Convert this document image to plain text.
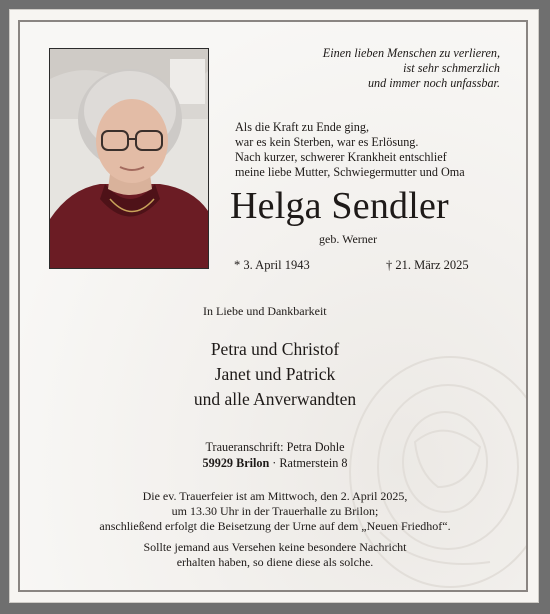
Einen lieben Menschen zu verlieren,
ist sehr schmerzlich
und immer noch unfassbar.
Als die Kraft zu Ende ging,
war es kein Sterben, war es Erlösung.
Nach kurzer, schwerer Krankheit entschlief
meine liebe Mutter, Schwiegermutter und Oma
Helga Sendler
geb. Werner
* 3. April 1943	† 21. März 2025
In Liebe und Dankbarkeit
Petra und Christof
Janet und Patrick
und alle Anverwandten
Traueranschrift: Petra Dohle
59929 Brilon · Ratmerstein 8
Die ev. Trauerfeier ist am Mittwoch, den 2. April 2025,
um 13.30 Uhr in der Trauerhalle zu Brilon;
anschließend erfolgt die Beisetzung der Urne auf dem „Neuen Friedhof“.
Sollte jemand aus Versehen keine besondere Nachricht
erhalten haben, so diene diese als solche.
